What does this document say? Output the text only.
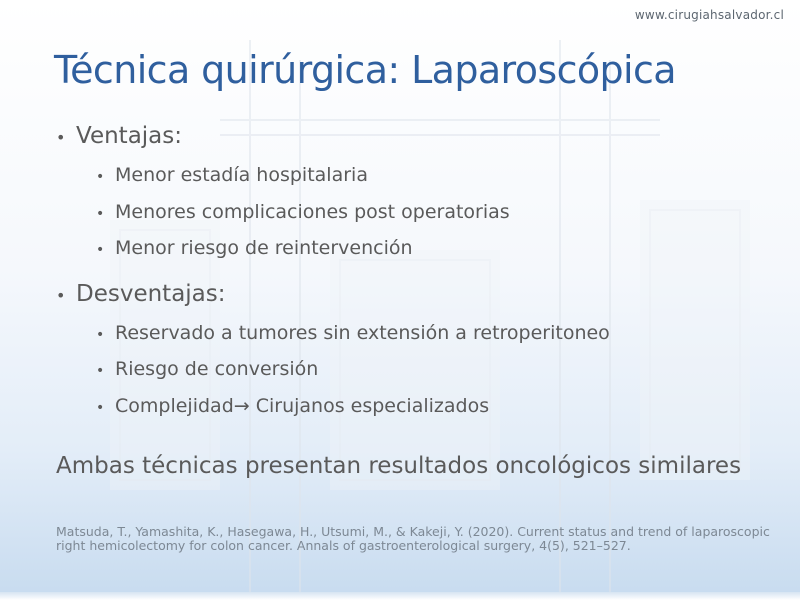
www.cirugiahsalvador.cl
Técnica quirúrgica: Laparoscópica
• Ventajas:
• Menor estadía hospitalaria
• Menores complicaciones post operatorias
• Menor riesgo de reintervención
• Desventajas:
• Reservado a tumores sin extensión a retroperitoneo
• Riesgo de conversión
• Complejidad→ Cirujanos especializados

Ambas técnicas presentan resultados oncológicos similares

Matsuda, T., Yamashita, K., Hasegawa, H., Utsumi, M., & Kakeji, Y. (2020). Current status and trend of laparoscopic right hemicolectomy for colon cancer. Annals of gastroenterological surgery, 4(5), 521–527.
